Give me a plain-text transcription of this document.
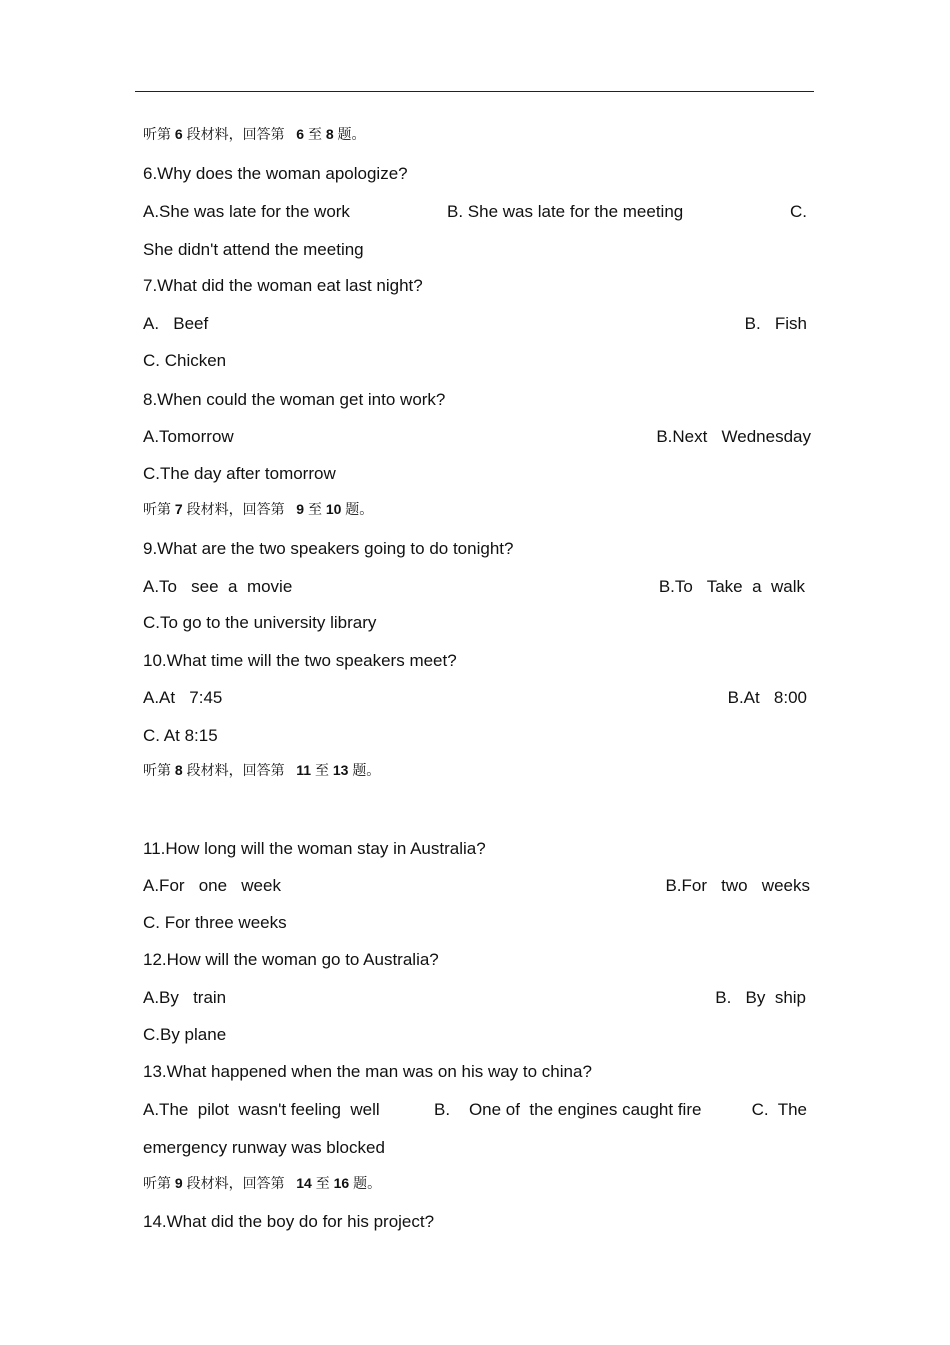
听第 6 段材料，回答第 6 至 8 题。
6.Why does the woman apologize?
A.She was late for the work	B. She was late for the meeting	C.
She didn't attend the meeting
7.What did the woman eat last night?
A.   Beef	B.   Fish
C. Chicken
8.When could the woman get into work?
A.Tomorrow	B.Next   Wednesday
C.The day after tomorrow
听第 7 段材料，回答第 9 至 10 题。
9.What are the two speakers going to do tonight?
A.To   see  a  movie	B.To   Take  a  walk
C.To go to the university library
10.What time will the two speakers meet?
A.At   7:45	B.At   8:00
C. At 8:15
听第 8 段材料，回答第 11 至 13 题。
11.How long will the woman stay in Australia?
A.For   one   week	B.For   two   weeks
C. For three weeks
12.How will the woman go to Australia?
A.By   train	B.   By  ship
C.By plane
13.What happened when the man was on his way to china?
A.The  pilot  wasn't feeling  well	B.    One of  the engines caught fire	C.  The
emergency runway was blocked
听第 9 段材料，回答第 14 至 16 题。
14.What did the boy do for his project?
